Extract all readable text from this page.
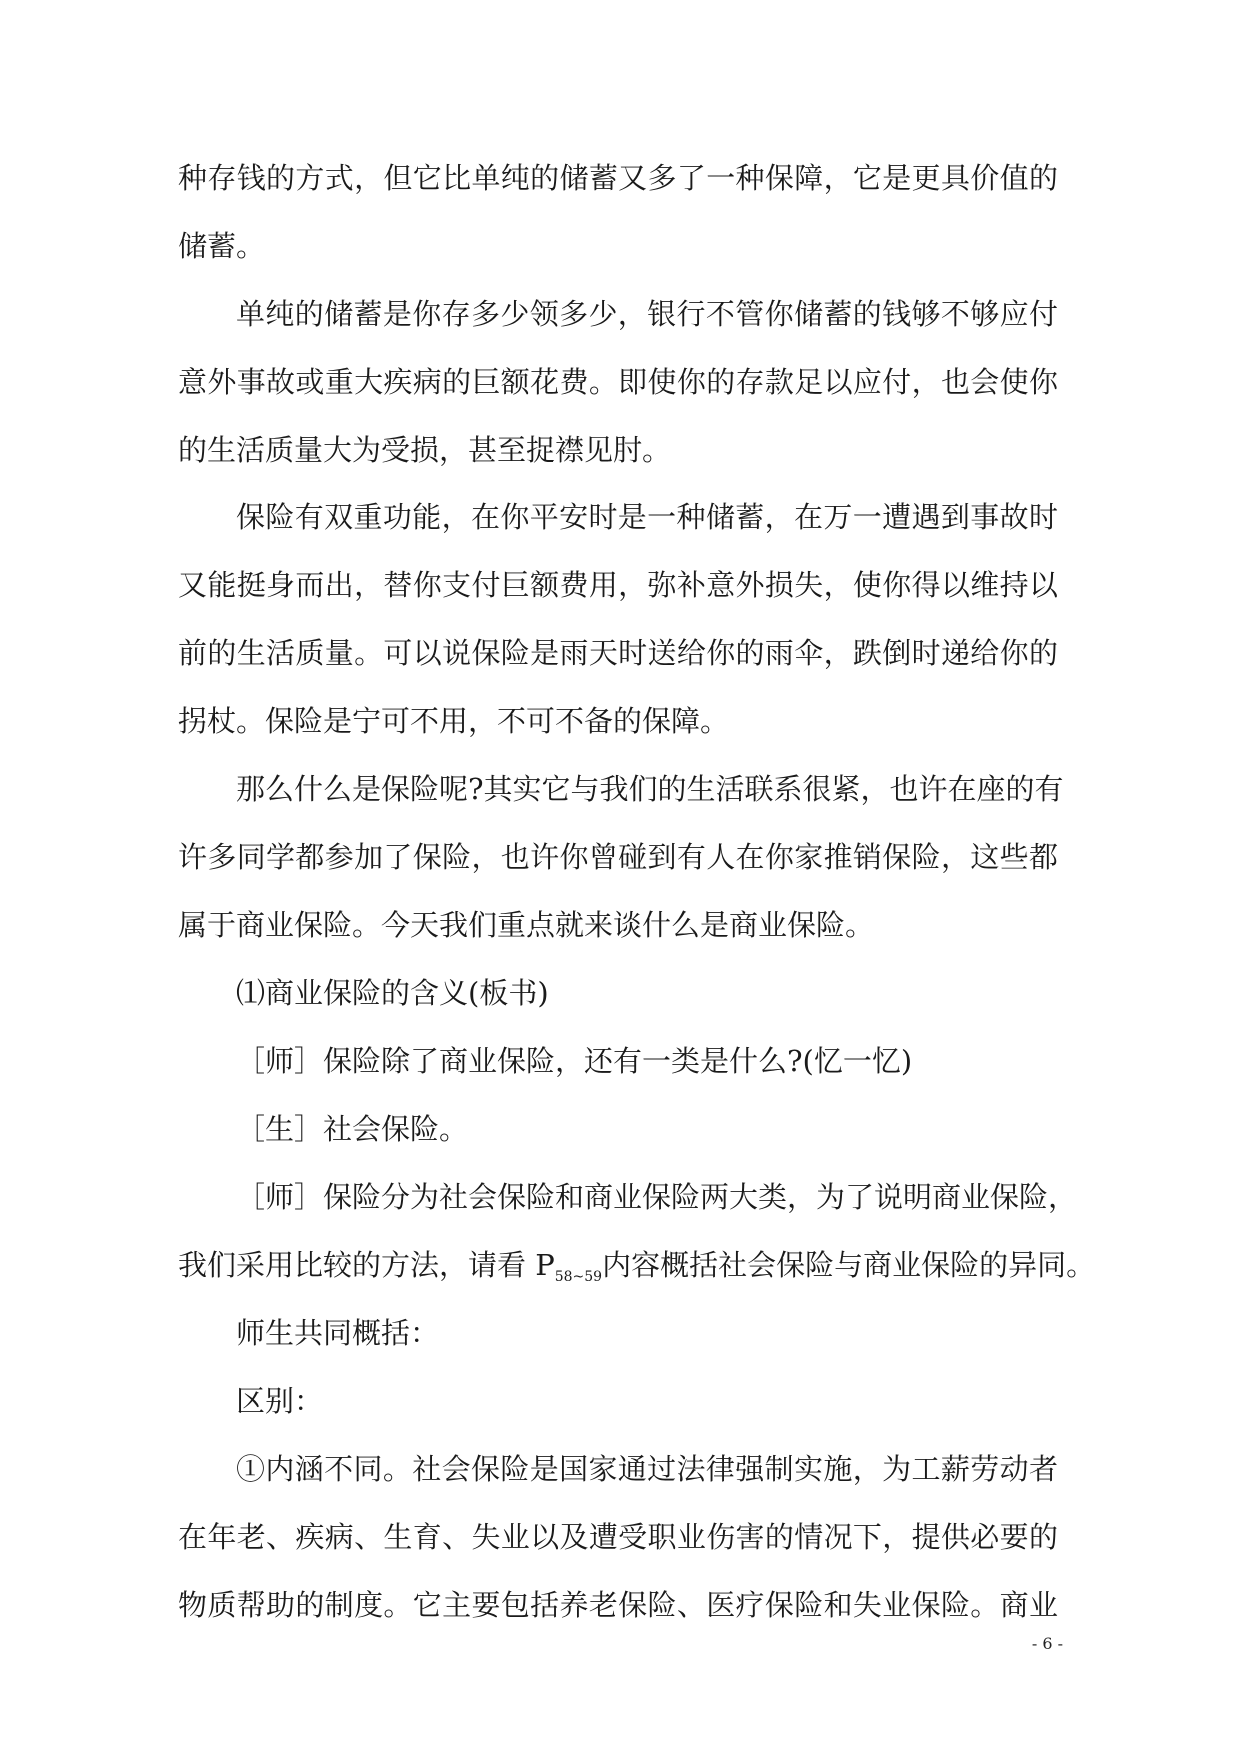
种存钱的方式，但它比单纯的储蓄又多了一种保障，它是更具价值的
储蓄。
单纯的储蓄是你存多少领多少，银行不管你储蓄的钱够不够应付
意外事故或重大疾病的巨额花费。即使你的存款足以应付，也会使你
的生活质量大为受损，甚至捉襟见肘。
保险有双重功能，在你平安时是一种储蓄，在万一遭遇到事故时
又能挺身而出，替你支付巨额费用，弥补意外损失，使你得以维持以
前的生活质量。可以说保险是雨天时送给你的雨伞，跌倒时递给你的
拐杖。保险是宁可不用，不可不备的保障。
那么什么是保险呢?其实它与我们的生活联系很紧，也许在座的有
许多同学都参加了保险，也许你曾碰到有人在你家推销保险，这些都
属于商业保险。今天我们重点就来谈什么是商业保险。
⑴商业保险的含义(板书)
［师］保险除了商业保险，还有一类是什么?(忆一忆)
［生］社会保险。
［师］保险分为社会保险和商业保险两大类，为了说明商业保险，
我们采用比较的方法，请看 $P_{58\sim 59}$内容概括社会保险与商业保险的异同。
师生共同概括：
区别：
①内涵不同。社会保险是国家通过法律强制实施，为工薪劳动者
在年老、疾病、生育、失业以及遭受职业伤害的情况下，提供必要的
物质帮助的制度。它主要包括养老保险、医疗保险和失业保险。商业
- 6 -
